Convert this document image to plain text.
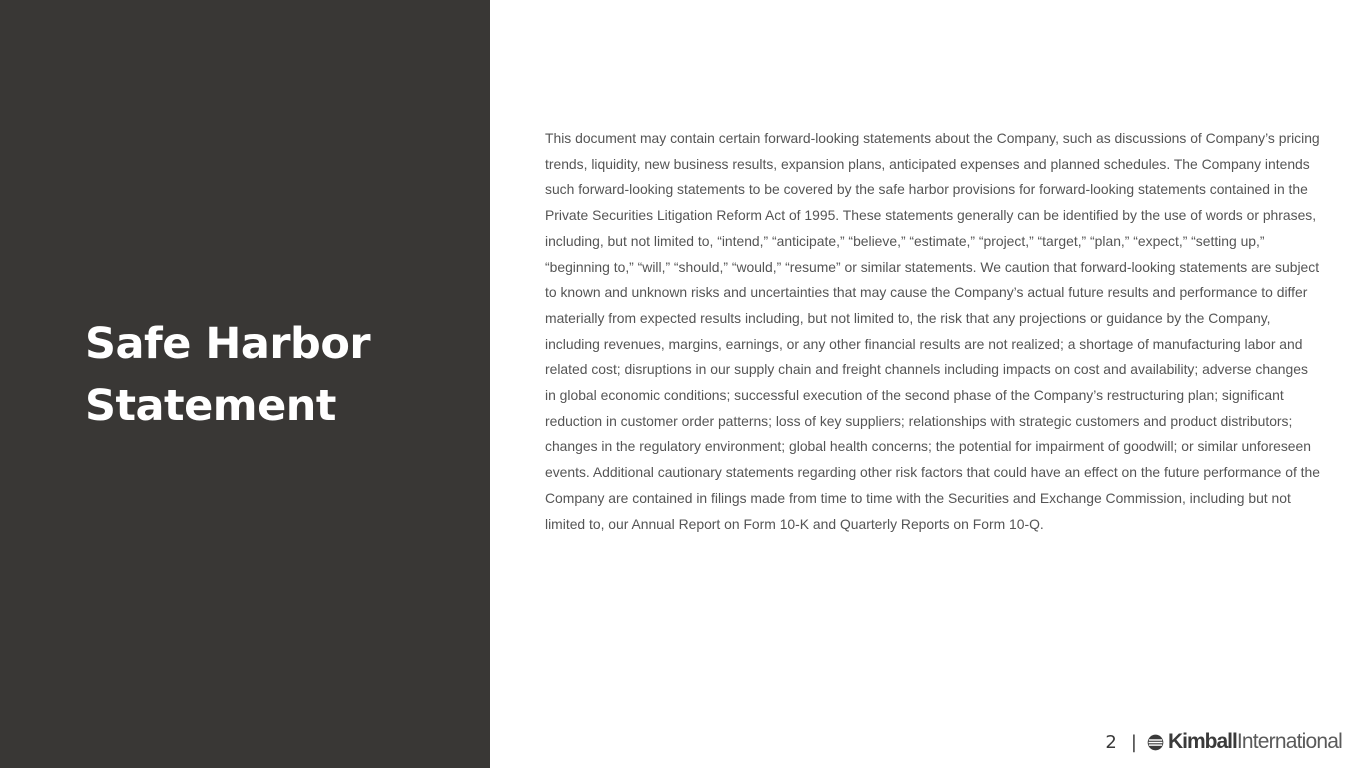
Safe Harbor Statement

This document may contain certain forward-looking statements about the Company, such as discussions of Company’s pricing trends, liquidity, new business results, expansion plans, anticipated expenses and planned schedules. The Company intends such forward-looking statements to be covered by the safe harbor provisions for forward-looking statements contained in the Private Securities Litigation Reform Act of 1995. These statements generally can be identified by the use of words or phrases, including, but not limited to, “intend,” “anticipate,” “believe,” “estimate,” “project,” “target,” “plan,” “expect,” “setting up,” “beginning to,” “will,” “should,” “would,” “resume” or similar statements. We caution that forward-looking statements are subject to known and unknown risks and uncertainties that may cause the Company’s actual future results and performance to differ materially from expected results including, but not limited to, the risk that any projections or guidance by the Company, including revenues, margins, earnings, or any other financial results are not realized; a shortage of manufacturing labor and related cost; disruptions in our supply chain and freight channels including impacts on cost and availability; adverse changes in global economic conditions; successful execution of the second phase of the Company’s restructuring plan; significant reduction in customer order patterns; loss of key suppliers; relationships with strategic customers and product distributors; changes in the regulatory environment; global health concerns; the potential for impairment of goodwill; or similar unforeseen events. Additional cautionary statements regarding other risk factors that could have an effect on the future performance of the Company are contained in filings made from time to time with the Securities and Exchange Commission, including but not limited to, our Annual Report on Form 10-K and Quarterly Reports on Form 10-Q.

2 | Kimball International
